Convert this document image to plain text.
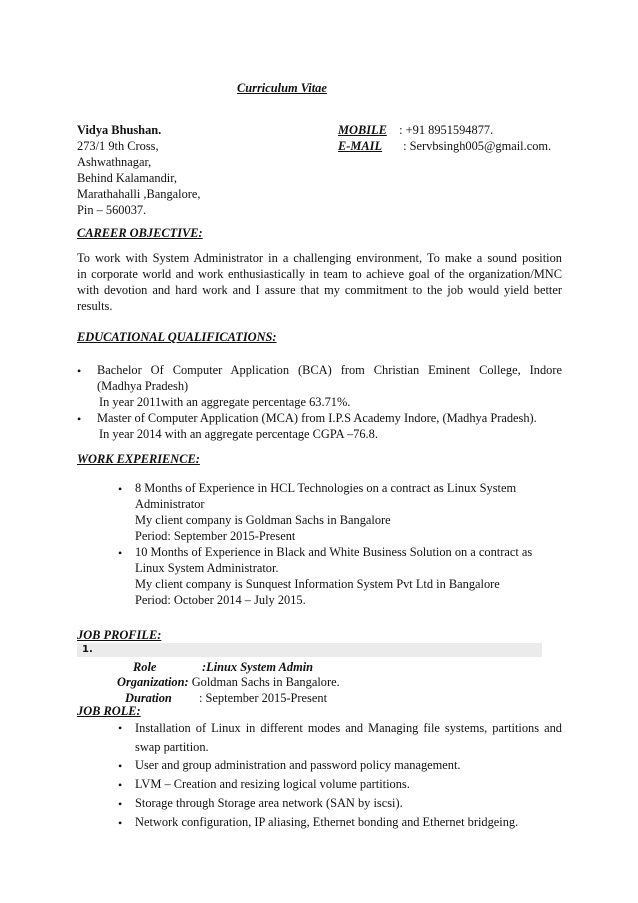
Curriculum Vitae
Vidya Bhushan.
273/1 9th Cross,
Ashwathnagar,
Behind Kalamandir,
Marathahalli ,Bangalore,
Pin – 560037.
MOBILE : +91 8951594877.
E-MAIL : Servbsingh005@gmail.com.
CAREER OBJECTIVE:
To work with System Administrator in a challenging environment, To make a sound position
in corporate world and work enthusiastically in team to achieve goal of the organization/MNC
with devotion and hard work and I assure that my commitment to the job would yield better
results.
EDUCATIONAL QUALIFICATIONS:
• Bachelor Of Computer Application (BCA) from Christian Eminent College, Indore
(Madhya Pradesh)
In year 2011with an aggregate percentage 63.71%.
• Master of Computer Application (MCA) from I.P.S Academy Indore, (Madhya Pradesh).
In year 2014 with an aggregate percentage CGPA –76.8.
WORK EXPERIENCE:
• 8 Months of Experience in HCL Technologies on a contract as Linux System
Administrator
My client company is Goldman Sachs in Bangalore
Period: September 2015-Present
• 10 Months of Experience in Black and White Business Solution on a contract as
Linux System Administrator.
My client company is Sunquest Information System Pvt Ltd in Bangalore
Period: October 2014 – July 2015.
JOB PROFILE:
1.
Role	:Linux System Admin
Organization: Goldman Sachs in Bangalore.
Duration : September 2015-Present
JOB ROLE:
• Installation of Linux in different modes and Managing file systems, partitions and
swap partition.
• User and group administration and password policy management.
• LVM – Creation and resizing logical volume partitions.
• Storage through Storage area network (SAN by iscsi).
• Network configuration, IP aliasing, Ethernet bonding and Ethernet bridgeing.
